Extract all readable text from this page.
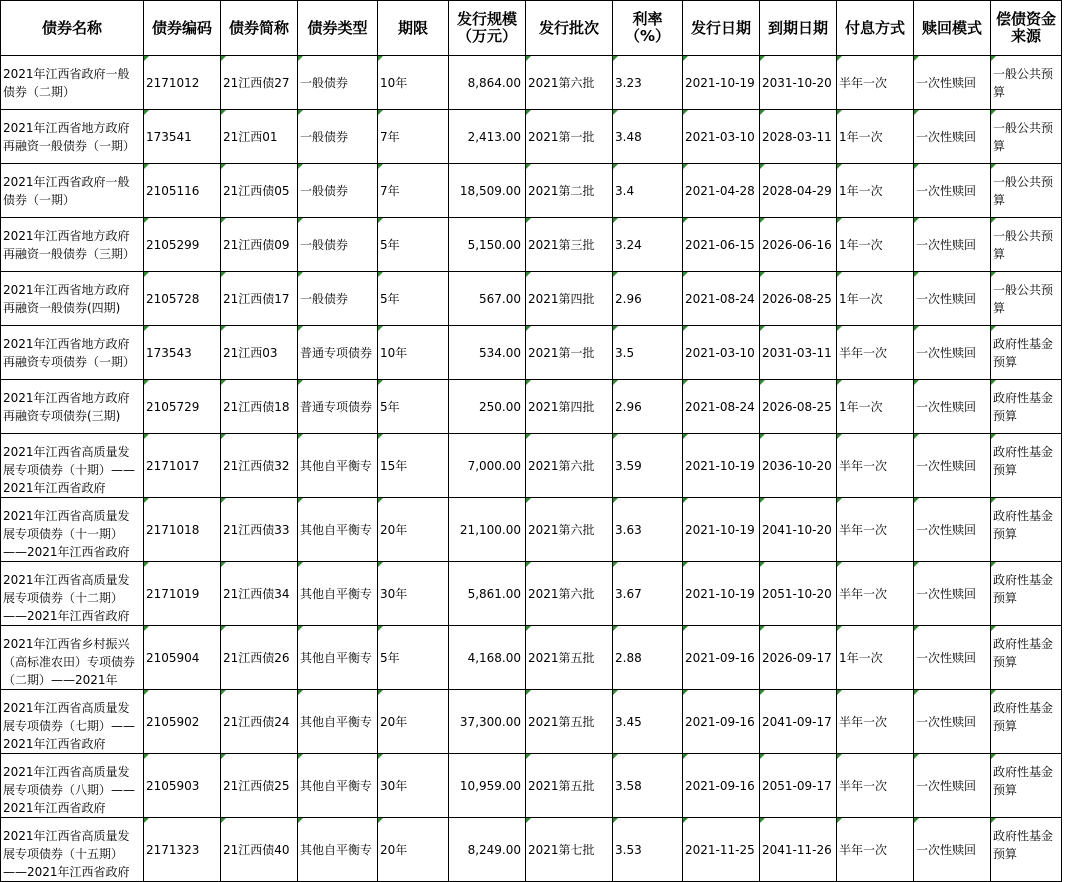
债券名称	债券编码	债券简称	债券类型	期限	发行规模（万元）	发行批次	利率（%）	发行日期	到期日期	付息方式	赎回模式	偿债资金来源

2021年江西省政府一般债券（二期）	2171012	21江西债27	一般债券	10年	8,864.00	2021第六批	3.23	2021-10-19	2031-10-20	半年一次	一次性赎回	一般公共预算

2021年江西省地方政府再融资一般债券（一期）	173541	21江西01	一般债券	7年	2,413.00	2021第一批	3.48	2021-03-10	2028-03-11	1年一次	一次性赎回	一般公共预算

2021年江西省政府一般债券（一期）	2105116	21江西债05	一般债券	7年	18,509.00	2021第二批	3.4	2021-04-28	2028-04-29	1年一次	一次性赎回	一般公共预算

2021年江西省地方政府再融资一般债券（三期）	2105299	21江西债09	一般债券	5年	5,150.00	2021第三批	3.24	2021-06-15	2026-06-16	1年一次	一次性赎回	一般公共预算

2021年江西省地方政府再融资一般债券(四期)	2105728	21江西债17	一般债券	5年	567.00	2021第四批	2.96	2021-08-24	2026-08-25	1年一次	一次性赎回	一般公共预算

2021年江西省地方政府再融资专项债券（一期）	173543	21江西03	普通专项债券	10年	534.00	2021第一批	3.5	2021-03-10	2031-03-11	半年一次	一次性赎回	政府性基金预算

2021年江西省地方政府再融资专项债券(三期)	2105729	21江西债18	普通专项债券	5年	250.00	2021第四批	2.96	2021-08-24	2026-08-25	1年一次	一次性赎回	政府性基金预算

2021年江西省高质量发展专项债券（十期）——2021年江西省政府	2171017	21江西债32	其他自平衡专	15年	7,000.00	2021第六批	3.59	2021-10-19	2036-10-20	半年一次	一次性赎回	政府性基金预算

2021年江西省高质量发展专项债券（十一期）——2021年江西省政府	2171018	21江西债33	其他自平衡专	20年	21,100.00	2021第六批	3.63	2021-10-19	2041-10-20	半年一次	一次性赎回	政府性基金预算

2021年江西省高质量发展专项债券（十二期）——2021年江西省政府	2171019	21江西债34	其他自平衡专	30年	5,861.00	2021第六批	3.67	2021-10-19	2051-10-20	半年一次	一次性赎回	政府性基金预算

2021年江西省乡村振兴（高标准农田）专项债券（二期）——2021年	2105904	21江西债26	其他自平衡专	5年	4,168.00	2021第五批	2.88	2021-09-16	2026-09-17	1年一次	一次性赎回	政府性基金预算

2021年江西省高质量发展专项债券（七期）——2021年江西省政府	2105902	21江西债24	其他自平衡专	20年	37,300.00	2021第五批	3.45	2021-09-16	2041-09-17	半年一次	一次性赎回	政府性基金预算

2021年江西省高质量发展专项债券（八期）——2021年江西省政府	2105903	21江西债25	其他自平衡专	30年	10,959.00	2021第五批	3.58	2021-09-16	2051-09-17	半年一次	一次性赎回	政府性基金预算

2021年江西省高质量发展专项债券（十五期）——2021年江西省政府	2171323	21江西债40	其他自平衡专	20年	8,249.00	2021第七批	3.53	2021-11-25	2041-11-26	半年一次	一次性赎回	政府性基金预算
